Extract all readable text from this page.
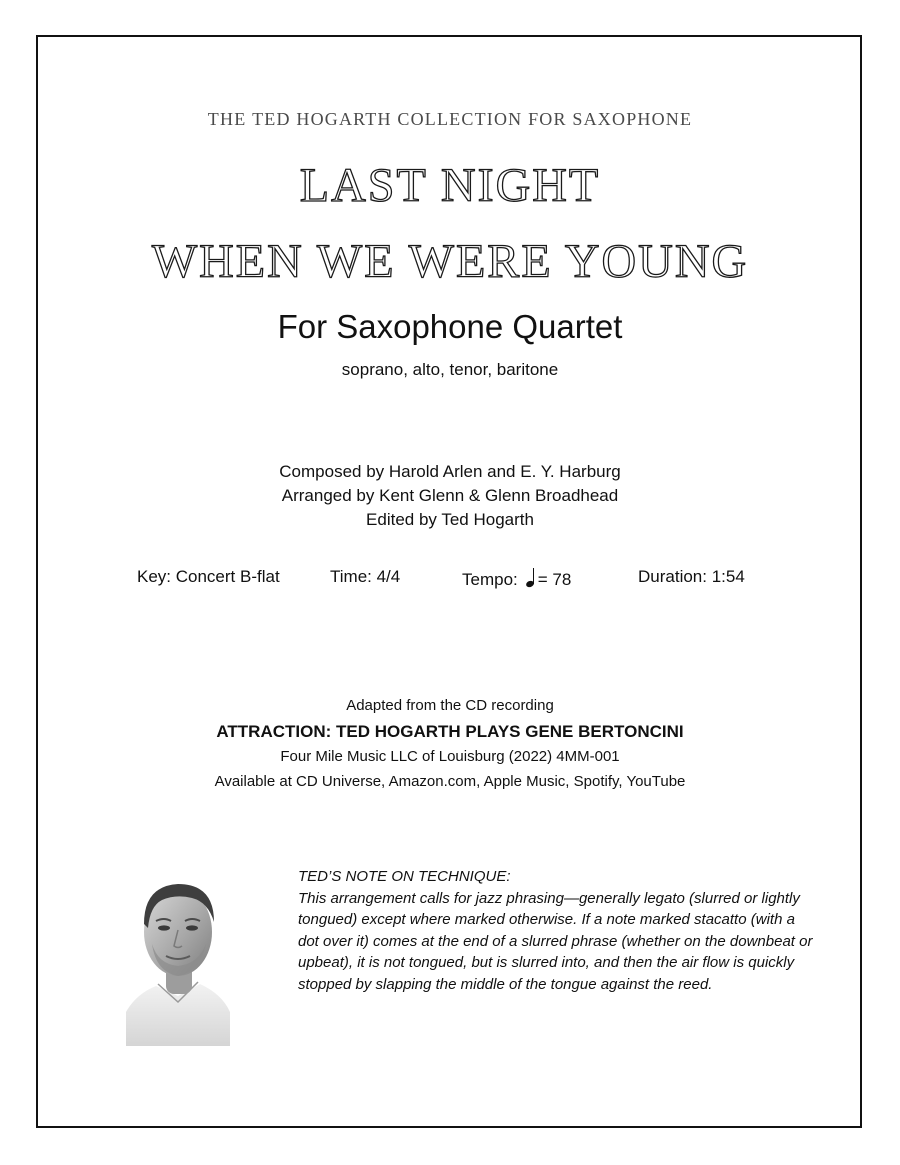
the ted hogarth collection for saxophone
LAST NIGHT
WHEN WE WERE YOUNG
For Saxophone Quartet
soprano, alto, tenor, baritone
Composed by Harold Arlen and E. Y. Harburg
Arranged by Kent Glenn & Glenn Broadhead
Edited by Ted Hogarth
Key: Concert B-flat	Time: 4/4	Tempo: = 78	Duration: 1:54
Adapted from the CD recording
ATTRACTION: TED HOGARTH PLAYS GENE BERTONCINI
Four Mile Music LLC of Louisburg (2022) 4MM-001
Available at CD Universe, Amazon.com, Apple Music, Spotify, YouTube
TED’S NOTE ON TECHNIQUE:
This arrangement calls for jazz phrasing—generally legato (slurred or lightly tongued) except where marked otherwise. If a note marked stacatto (with a dot over it) comes at the end of a slurred phrase (whether on the downbeat or upbeat), it is not tongued, but is slurred into, and then the air flow is quickly stopped by slapping the middle of the tongue against the reed.
